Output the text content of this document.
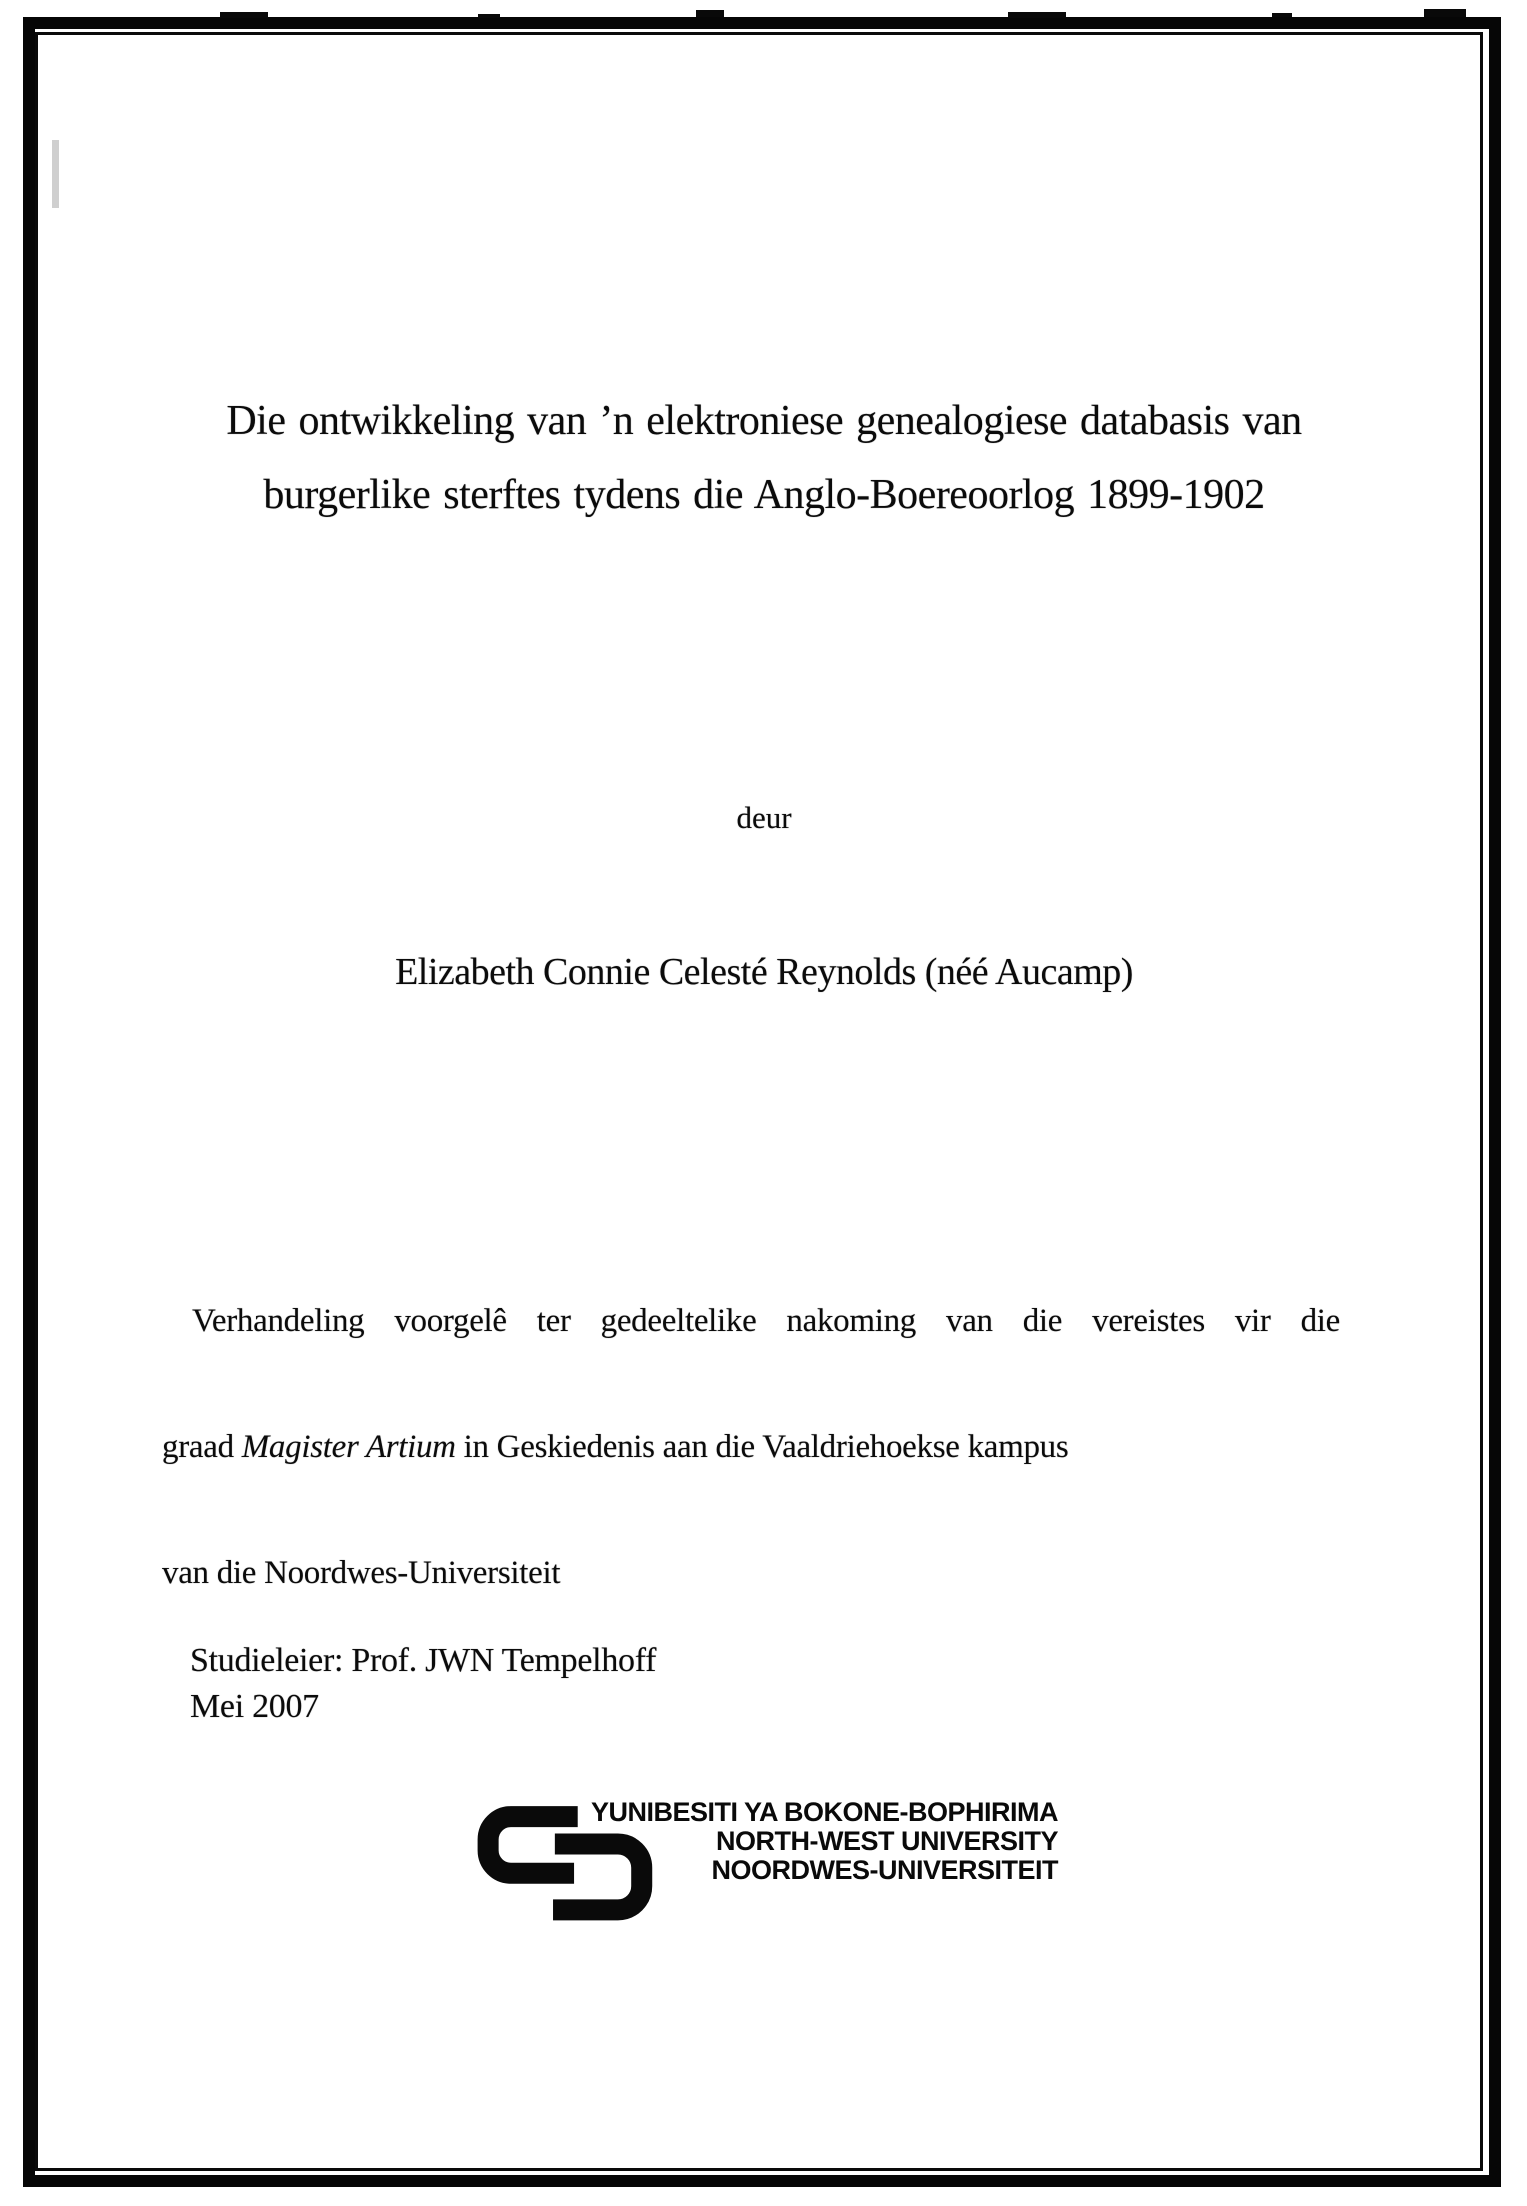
Die ontwikkeling van ’n elektroniese genealogiese databasis van
burgerlike sterftes tydens die Anglo-Boereoorlog 1899-1902
deur
Elizabeth Connie Celesté Reynolds (néé Aucamp)

Verhandeling voorgelê ter gedeeltelike nakoming van die vereistes vir die

graad Magister Artium in Geskiedenis aan die Vaaldriehoekse kampus

van die Noordwes-Universiteit

Studieleier: Prof. JWN Tempelhoff
Mei 2007
YUNIBESITI YA BOKONE-BOPHIRIMA
NORTH-WEST UNIVERSITY
NOORDWES-UNIVERSITEIT
